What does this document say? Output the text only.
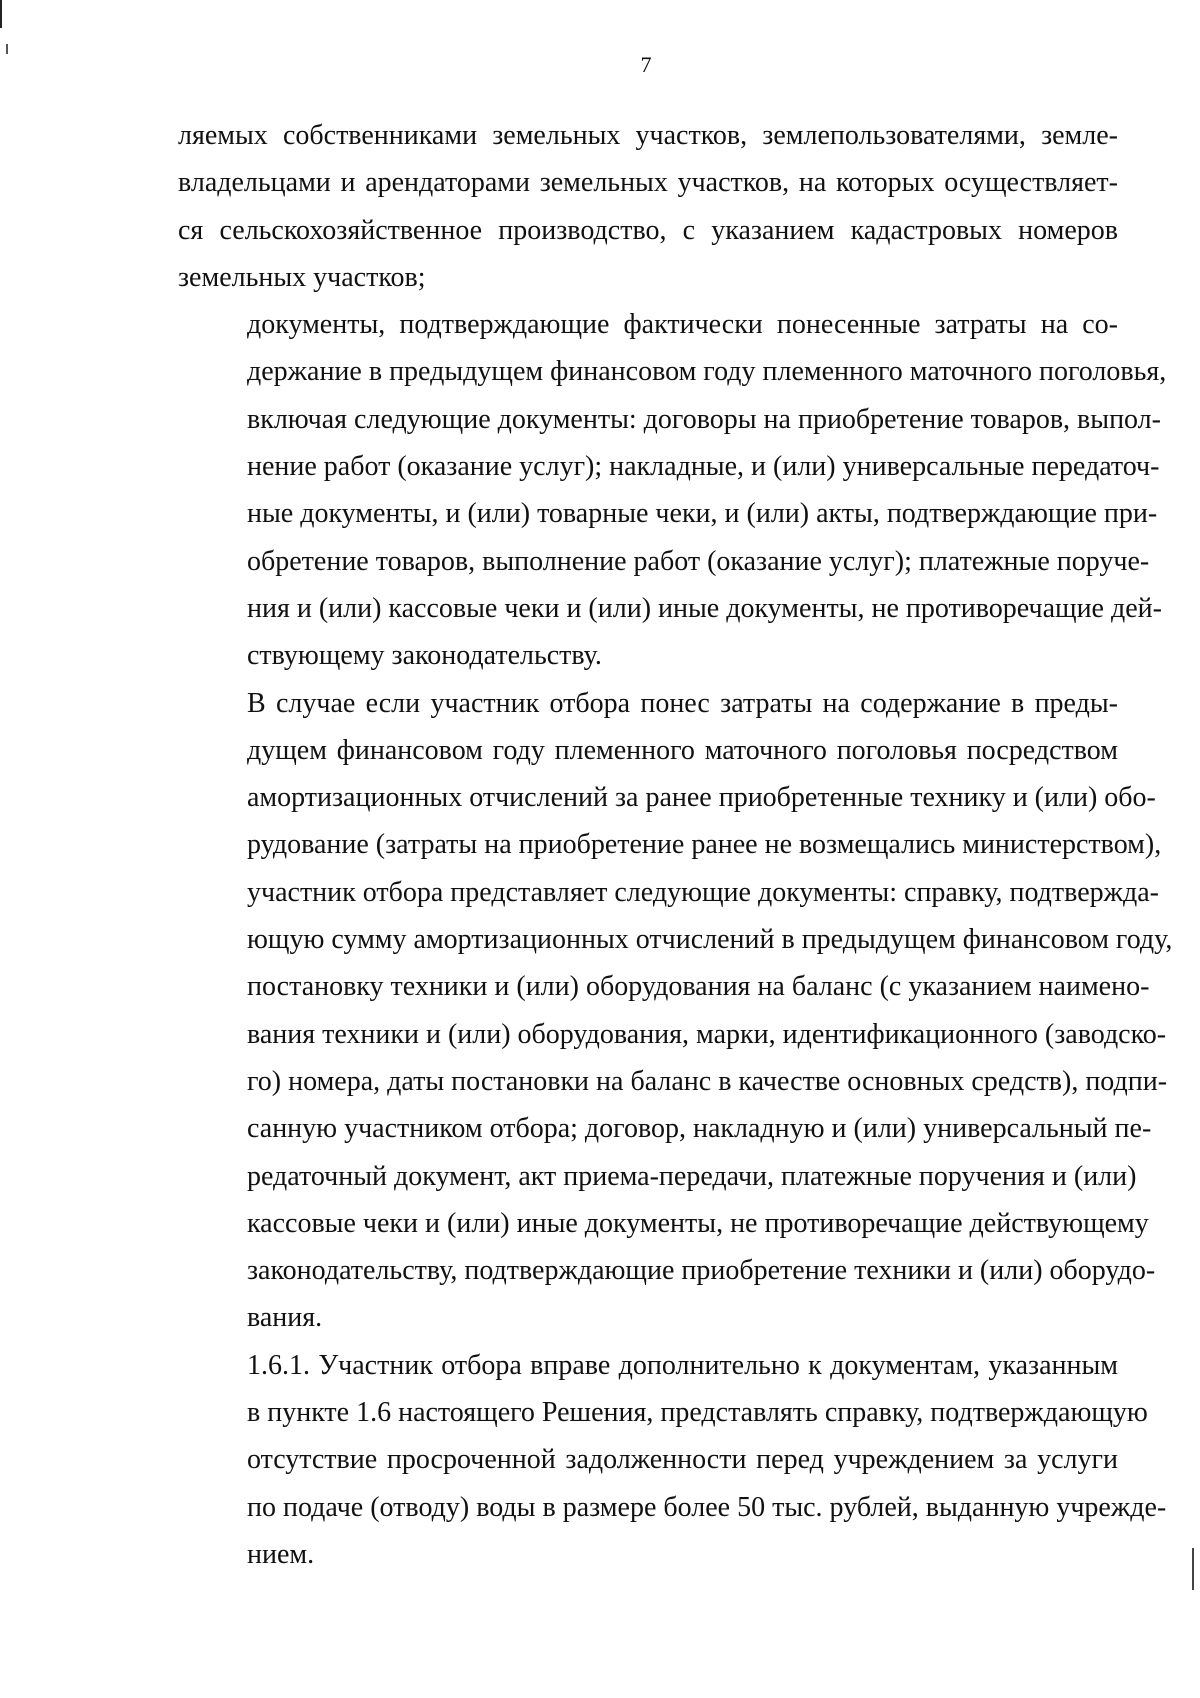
7

ляемых собственниками земельных участков, землепользователями, земле-
владельцами и арендаторами земельных участков, на которых осуществляет-
ся сельскохозяйственное производство, с указанием кадастровых номеров
земельных участков;

документы, подтверждающие фактически понесенные затраты на со-
держание в предыдущем финансовом году племенного маточного поголовья,
включая следующие документы: договоры на приобретение товаров, выпол-
нение работ (оказание услуг); накладные, и (или) универсальные передаточ-
ные документы, и (или) товарные чеки, и (или) акты, подтверждающие при-
обретение товаров, выполнение работ (оказание услуг); платежные поруче-
ния и (или) кассовые чеки и (или) иные документы, не противоречащие дей-
ствующему законодательству.

В случае если участник отбора понес затраты на содержание в преды-
дущем финансовом году племенного маточного поголовья посредством
амортизационных отчислений за ранее приобретенные технику и (или) обо-
рудование (затраты на приобретение ранее не возмещались министерством),
участник отбора представляет следующие документы: справку, подтвержда-
ющую сумму амортизационных отчислений в предыдущем финансовом году,
постановку техники и (или) оборудования на баланс (с указанием наимено-
вания техники и (или) оборудования, марки, идентификационного (заводско-
го) номера, даты постановки на баланс в качестве основных средств), подпи-
санную участником отбора; договор, накладную и (или) универсальный пе-
редаточный документ, акт приема-передачи, платежные поручения и (или)
кассовые чеки и (или) иные документы, не противоречащие действующему
законодательству, подтверждающие приобретение техники и (или) оборудо-
вания.

1.6.1. Участник отбора вправе дополнительно к документам, указанным
в пункте 1.6 настоящего Решения, представлять справку, подтверждающую
отсутствие просроченной задолженности перед учреждением за услуги
по подаче (отводу) воды в размере более 50 тыс. рублей, выданную учрежде-
нием.
